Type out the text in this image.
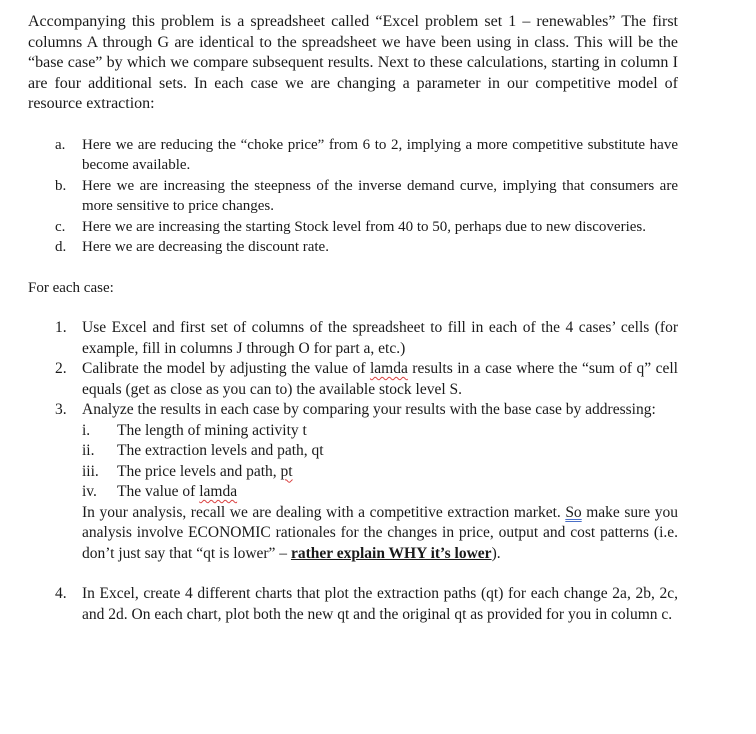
Accompanying this problem is a spreadsheet called “Excel problem set 1 – renewables” The first columns A through G are identical to the spreadsheet we have been using in class. This will be the “base case” by which we compare subsequent results. Next to these calculations, starting in column I are four additional sets. In each case we are changing a parameter in our competitive model of resource extraction:

a. Here we are reducing the “choke price” from 6 to 2, implying a more competitive substitute have become available.
b. Here we are increasing the steepness of the inverse demand curve, implying that consumers are more sensitive to price changes.
c. Here we are increasing the starting Stock level from 40 to 50, perhaps due to new discoveries.
d. Here we are decreasing the discount rate.

For each case:

1. Use Excel and first set of columns of the spreadsheet to fill in each of the 4 cases’ cells (for example, fill in columns J through O for part a, etc.)
2. Calibrate the model by adjusting the value of lamda results in a case where the “sum of q” cell equals (get as close as you can to) the available stock level S.
3. Analyze the results in each case by comparing your results with the base case by addressing:
i. The length of mining activity t
ii. The extraction levels and path, qt
iii. The price levels and path, pt
iv. The value of lamda
In your analysis, recall we are dealing with a competitive extraction market. So make sure you analysis involve ECONOMIC rationales for the changes in price, output and cost patterns (i.e. don’t just say that “qt is lower” – rather explain WHY it’s lower).
4. In Excel, create 4 different charts that plot the extraction paths (qt) for each change 2a, 2b, 2c, and 2d. On each chart, plot both the new qt and the original qt as provided for you in column c.
